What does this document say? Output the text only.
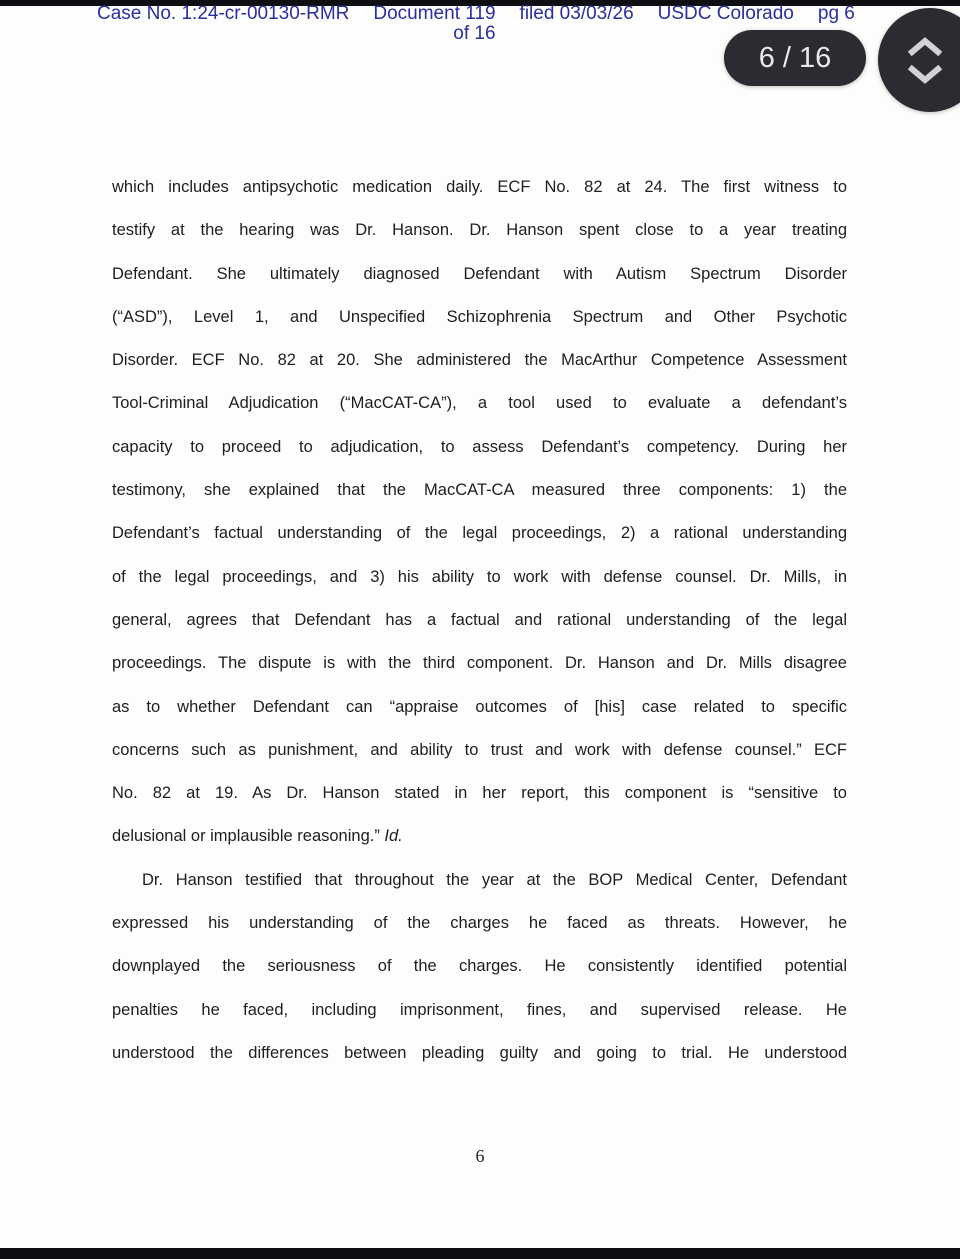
Case No. 1:24-cr-00130-RMR Document 119
of 16
filed 03/03/26 USDC Colorado pg 6
6 / 16
which includes antipsychotic medication daily. ECF No. 82 at 24. The first witness to
testify at the hearing was Dr. Hanson. Dr. Hanson spent close to a year treating
Defendant. She ultimately diagnosed Defendant with Autism Spectrum Disorder
(“ASD”), Level 1, and Unspecified Schizophrenia Spectrum and Other Psychotic
Disorder. ECF No. 82 at 20. She administered the MacArthur Competence Assessment
Tool-Criminal Adjudication (“MacCAT-CA”), a tool used to evaluate a defendant’s
capacity to proceed to adjudication, to assess Defendant’s competency. During her
testimony, she explained that the MacCAT-CA measured three components: 1) the
Defendant’s factual understanding of the legal proceedings, 2) a rational understanding
of the legal proceedings, and 3) his ability to work with defense counsel. Dr. Mills, in
general, agrees that Defendant has a factual and rational understanding of the legal
proceedings. The dispute is with the third component. Dr. Hanson and Dr. Mills disagree
as to whether Defendant can “appraise outcomes of [his] case related to specific
concerns such as punishment, and ability to trust and work with defense counsel.” ECF
No. 82 at 19. As Dr. Hanson stated in her report, this component is “sensitive to
delusional or implausible reasoning.” Id.
Dr. Hanson testified that throughout the year at the BOP Medical Center, Defendant
expressed his understanding of the charges he faced as threats. However, he
downplayed the seriousness of the charges. He consistently identified potential
penalties he faced, including imprisonment, fines, and supervised release. He
understood the differences between pleading guilty and going to trial. He understood
6
